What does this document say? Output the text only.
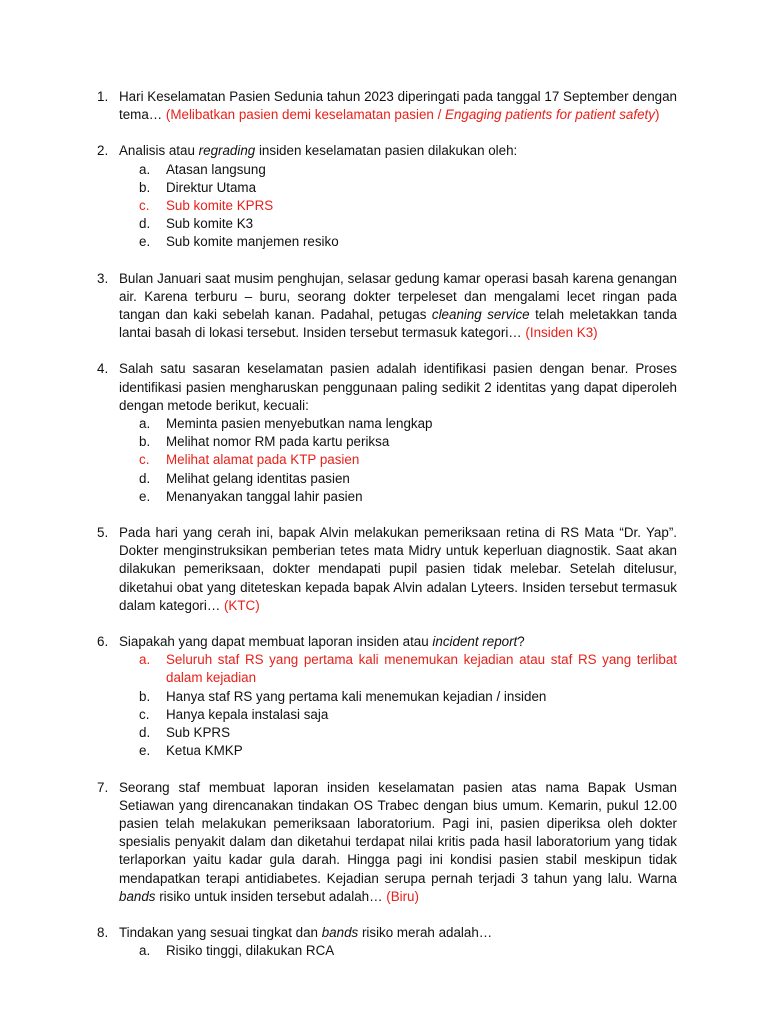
1. Hari Keselamatan Pasien Sedunia tahun 2023 diperingati pada tanggal 17 September dengan tema… (Melibatkan pasien demi keselamatan pasien / Engaging patients for patient safety)
2. Analisis atau regrading insiden keselamatan pasien dilakukan oleh:
a.	Atasan langsung
b.	Direktur Utama
c.	Sub komite KPRS
d.	Sub komite K3
e.	Sub komite manjemen resiko
3. Bulan Januari saat musim penghujan, selasar gedung kamar operasi basah karena genangan air. Karena terburu – buru, seorang dokter terpeleset dan mengalami lecet ringan pada tangan dan kaki sebelah kanan. Padahal, petugas cleaning service telah meletakkan tanda lantai basah di lokasi tersebut. Insiden tersebut termasuk kategori… (Insiden K3)
4. Salah satu sasaran keselamatan pasien adalah identifikasi pasien dengan benar. Proses identifikasi pasien mengharuskan penggunaan paling sedikit 2 identitas yang dapat diperoleh dengan metode berikut, kecuali:
a.	Meminta pasien menyebutkan nama lengkap
b.	Melihat nomor RM pada kartu periksa
c.	Melihat alamat pada KTP pasien
d.	Melihat gelang identitas pasien
e.	Menanyakan tanggal lahir pasien
5. Pada hari yang cerah ini, bapak Alvin melakukan pemeriksaan retina di RS Mata “Dr. Yap”. Dokter menginstruksikan pemberian tetes mata Midry untuk keperluan diagnostik. Saat akan dilakukan pemeriksaan, dokter mendapati pupil pasien tidak melebar. Setelah ditelusur, diketahui obat yang diteteskan kepada bapak Alvin adalan Lyteers. Insiden tersebut termasuk dalam kategori… (KTC)
6. Siapakah yang dapat membuat laporan insiden atau incident report?
a.	Seluruh staf RS yang pertama kali menemukan kejadian atau staf RS yang terlibat dalam kejadian
b.	Hanya staf RS yang pertama kali menemukan kejadian / insiden
c.	Hanya kepala instalasi saja
d.	Sub KPRS
e.	Ketua KMKP
7. Seorang staf membuat laporan insiden keselamatan pasien atas nama Bapak Usman Setiawan yang direncanakan tindakan OS Trabec dengan bius umum. Kemarin, pukul 12.00 pasien telah melakukan pemeriksaan laboratorium. Pagi ini, pasien diperiksa oleh dokter spesialis penyakit dalam dan diketahui terdapat nilai kritis pada hasil laboratorium yang tidak terlaporkan yaitu kadar gula darah. Hingga pagi ini kondisi pasien stabil meskipun tidak mendapatkan terapi antidiabetes. Kejadian serupa pernah terjadi 3 tahun yang lalu. Warna bands risiko untuk insiden tersebut adalah… (Biru)
8. Tindakan yang sesuai tingkat dan bands risiko merah adalah…
a.	Risiko tinggi, dilakukan RCA
